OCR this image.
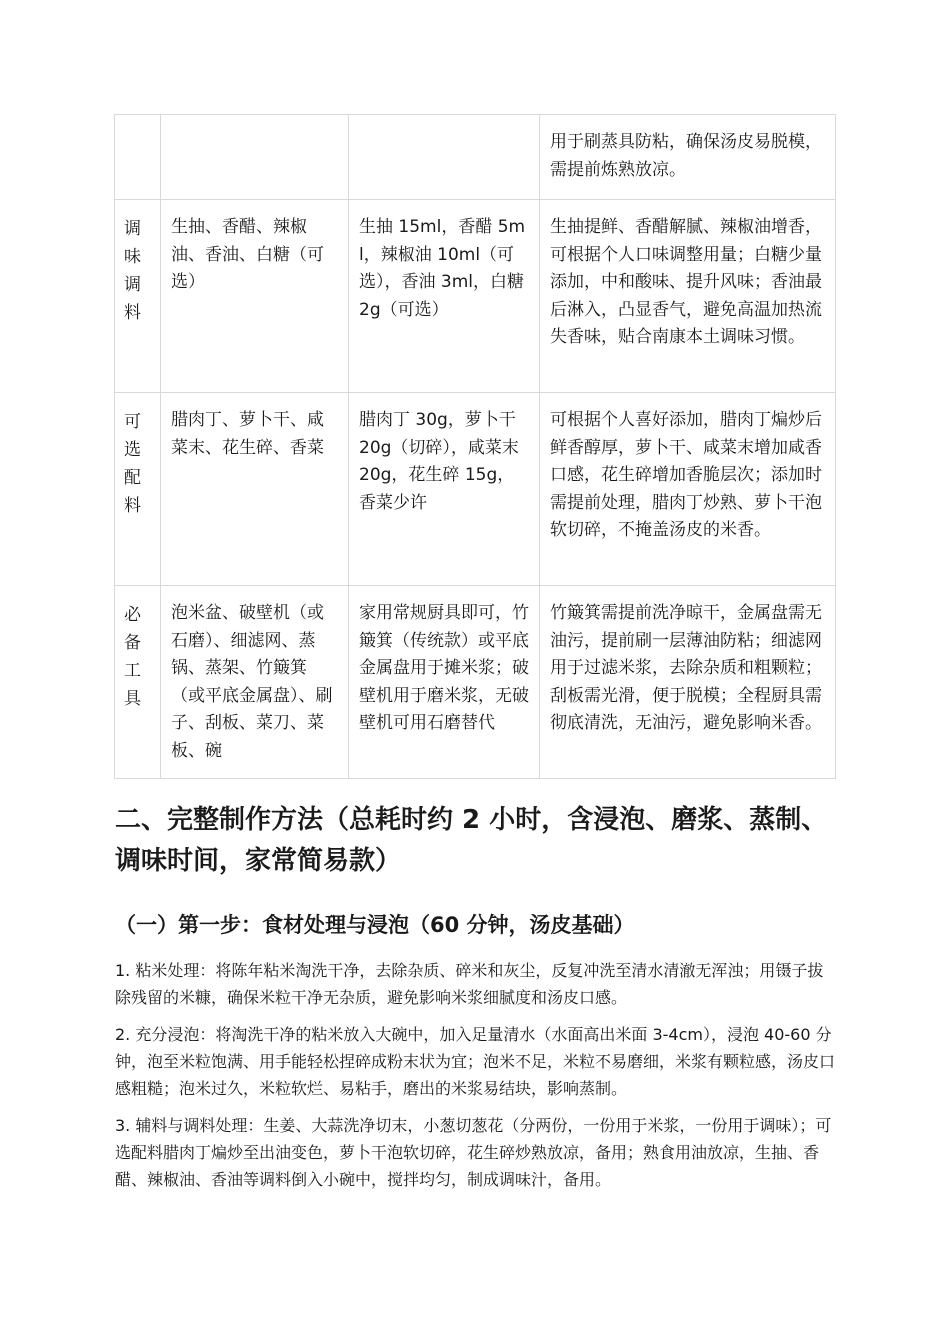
			用于刷蒸具防粘，确保汤皮易脱模，需提前炼熟放凉。

调味调料	生抽、香醋、辣椒油、香油、白糖（可选）	生抽 15ml，香醋 5ml，辣椒油 10ml（可选），香油 3ml，白糖 2g（可选）	生抽提鲜、香醋解腻、辣椒油增香，可根据个人口味调整用量；白糖少量添加，中和酸味、提升风味；香油最后淋入，凸显香气，避免高温加热流失香味，贴合南康本土调味习惯。

可选配料	腊肉丁、萝卜干、咸菜末、花生碎、香菜	腊肉丁 30g，萝卜干 20g（切碎），咸菜末 20g，花生碎 15g，香菜少许	可根据个人喜好添加，腊肉丁煸炒后鲜香醇厚，萝卜干、咸菜末增加咸香口感，花生碎增加香脆层次；添加时需提前处理，腊肉丁炒熟、萝卜干泡软切碎，不掩盖汤皮的米香。

必备工具	泡米盆、破壁机（或石磨）、细滤网、蒸锅、蒸架、竹簸箕（或平底金属盘）、刷子、刮板、菜刀、菜板、碗	家用常规厨具即可，竹簸箕（传统款）或平底金属盘用于摊米浆；破壁机用于磨米浆，无破壁机可用石磨替代	竹簸箕需提前洗净晾干，金属盘需无油污，提前刷一层薄油防粘；细滤网用于过滤米浆，去除杂质和粗颗粒；刮板需光滑，便于脱模；全程厨具需彻底清洗，无油污，避免影响米香。
二、完整制作方法（总耗时约 2 小时，含浸泡、磨浆、蒸制、调味时间，家常简易款）
（一）第一步：食材处理与浸泡（60 分钟，汤皮基础）

1. 粘米处理：将陈年粘米淘洗干净，去除杂质、碎米和灰尘，反复冲洗至清水清澈无浑浊；用镊子拔除残留的米糠，确保米粒干净无杂质，避免影响米浆细腻度和汤皮口感。

2. 充分浸泡：将淘洗干净的粘米放入大碗中，加入足量清水（水面高出米面 3-4cm），浸泡 40-60 分钟，泡至米粒饱满、用手能轻松捏碎成粉末状为宜；泡米不足，米粒不易磨细，米浆有颗粒感，汤皮口感粗糙；泡米过久，米粒软烂、易粘手，磨出的米浆易结块，影响蒸制。

3. 辅料与调料处理：生姜、大蒜洗净切末，小葱切葱花（分两份，一份用于米浆，一份用于调味）；可选配料腊肉丁煸炒至出油变色，萝卜干泡软切碎，花生碎炒熟放凉，备用；熟食用油放凉，生抽、香醋、辣椒油、香油等调料倒入小碗中，搅拌均匀，制成调味汁，备用。
